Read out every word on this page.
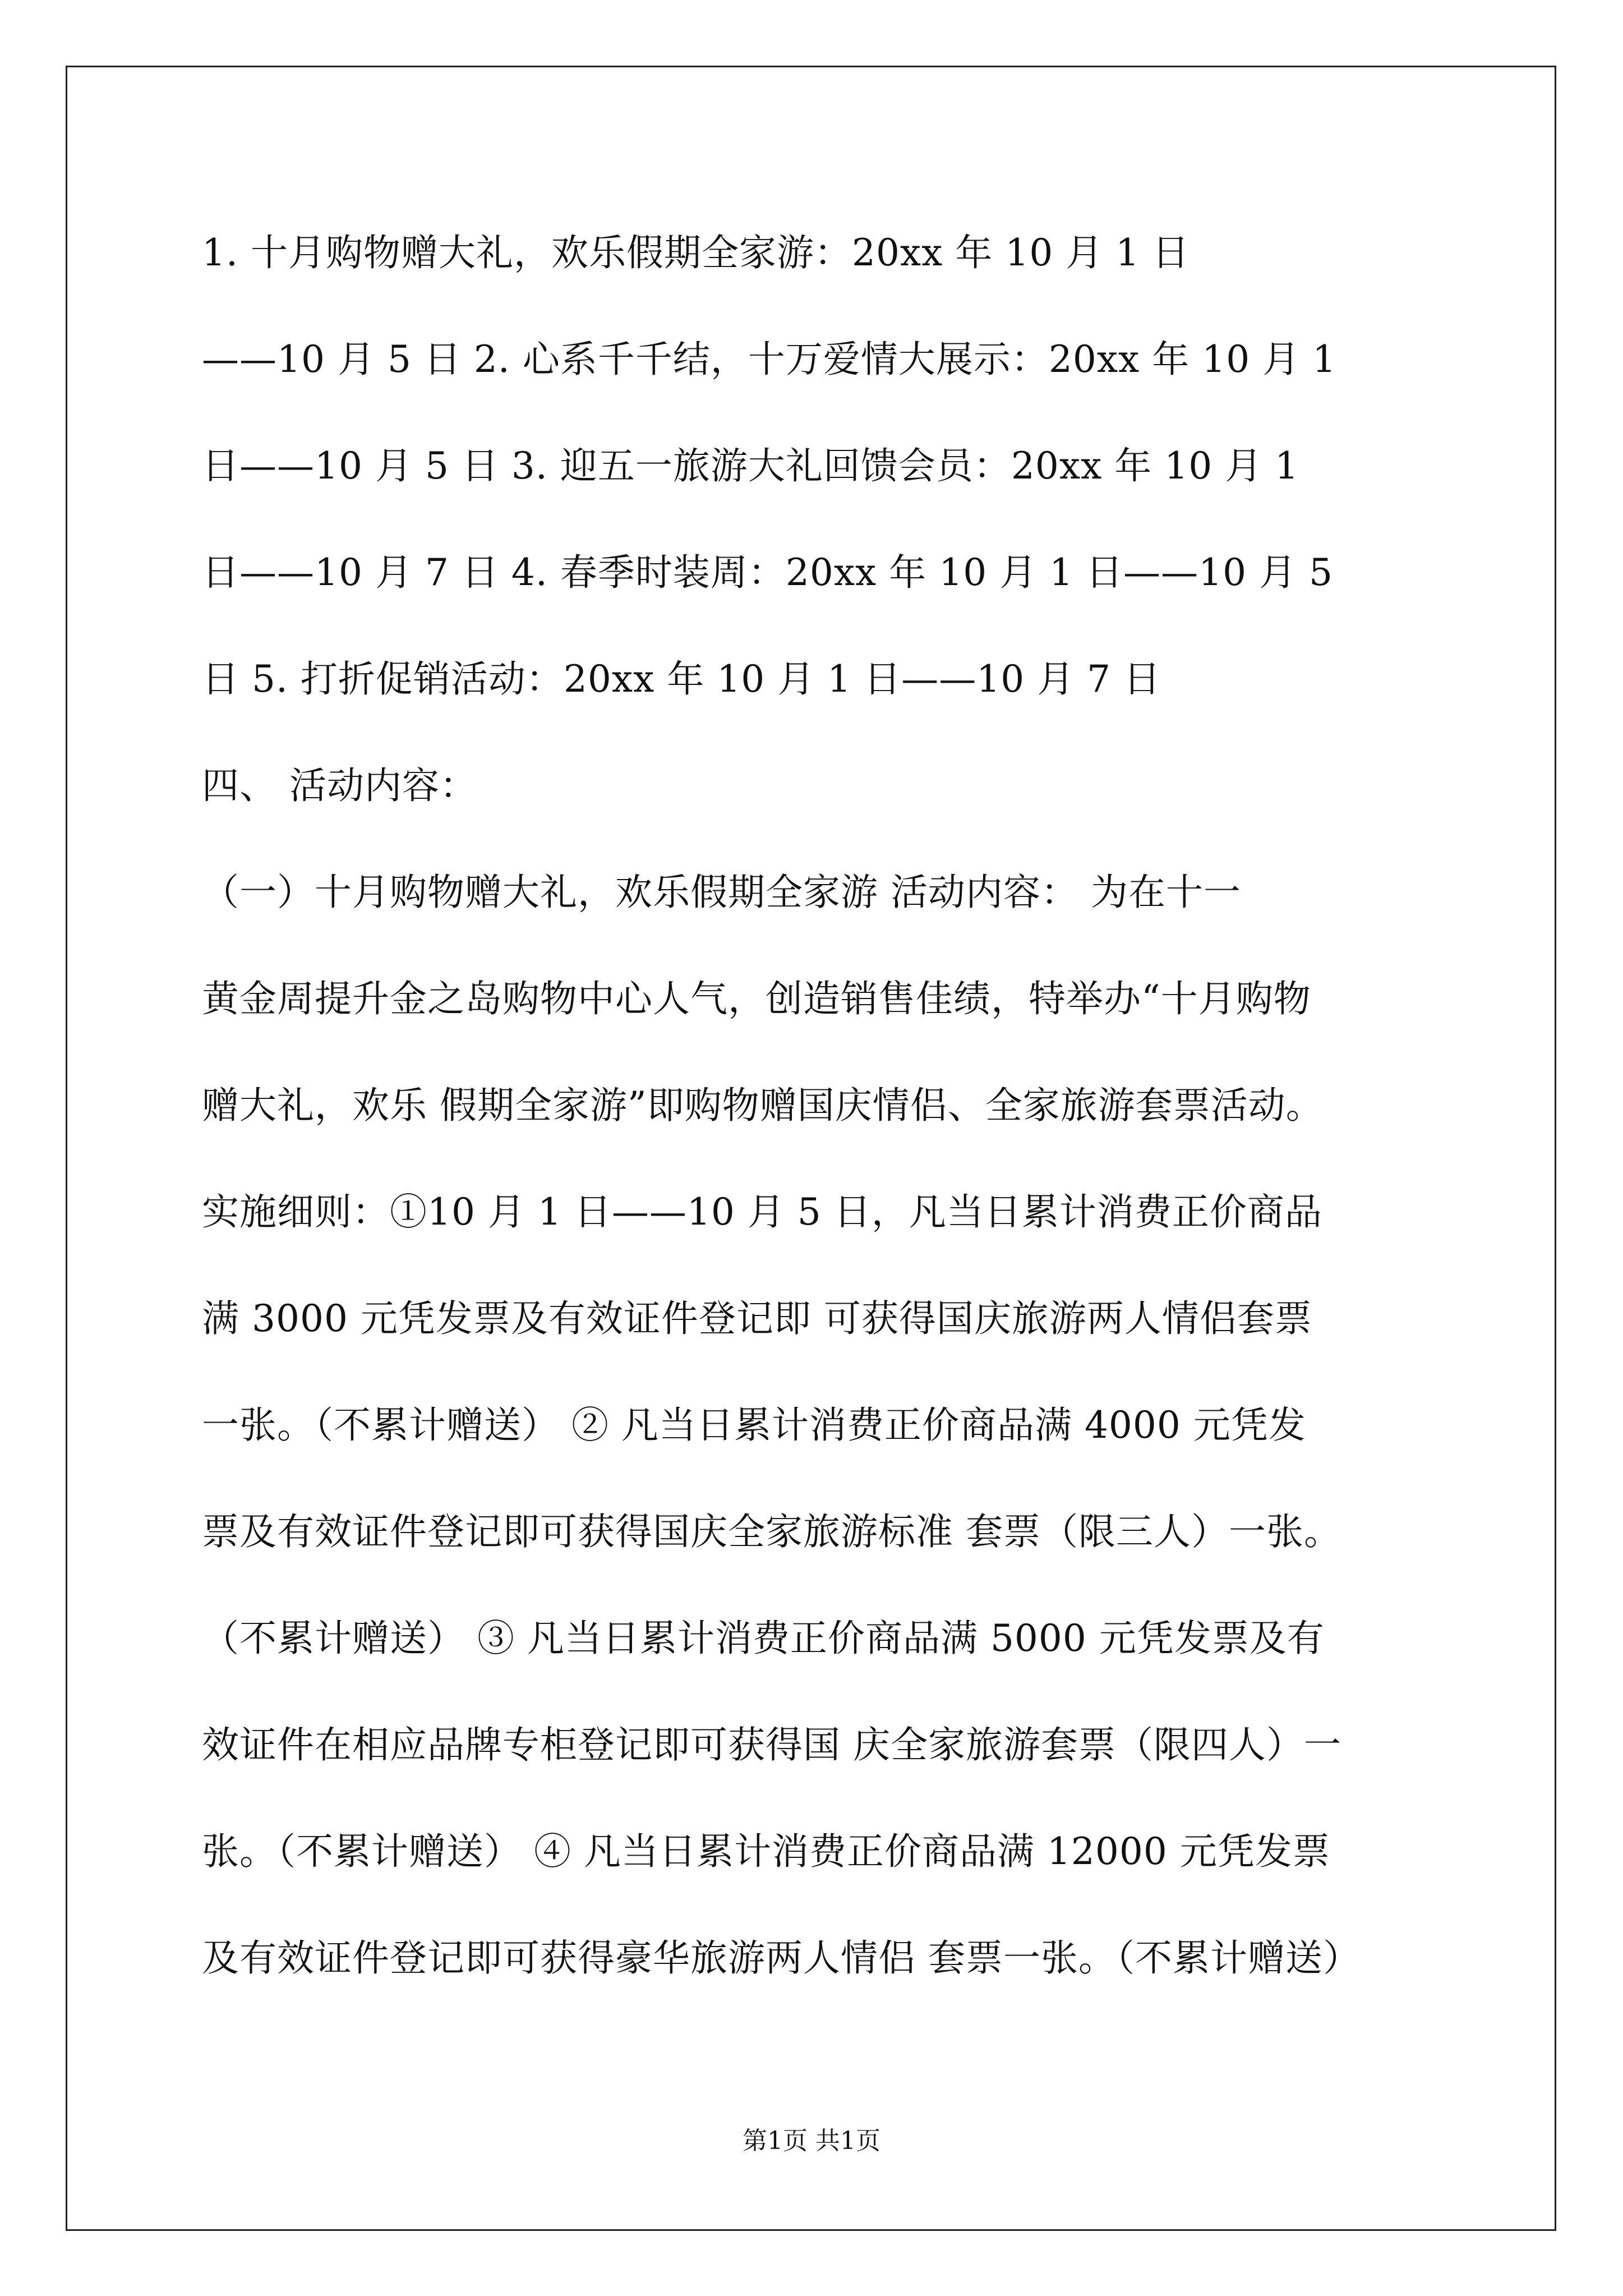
1. 十月购物赠大礼，欢乐假期全家游：20xx 年 10 月 1 日
——10 月 5 日 2. 心系千千结，十万爱情大展示：20xx 年 10 月 1
日——10 月 5 日 3. 迎五一旅游大礼回馈会员：20xx 年 10 月 1
日——10 月 7 日 4. 春季时装周：20xx 年 10 月 1 日——10 月 5
日 5. 打折促销活动：20xx 年 10 月 1 日——10 月 7 日
四、 活动内容：
（一）十月购物赠大礼，欢乐假期全家游 活动内容： 为在十一
黄金周提升金之岛购物中心人气，创造销售佳绩，特举办“十月购物
赠大礼，欢乐 假期全家游”即购物赠国庆情侣、全家旅游套票活动。
实施细则：①10 月 1 日——10 月 5 日，凡当日累计消费正价商品
满 3000 元凭发票及有效证件登记即 可获得国庆旅游两人情侣套票
一张。（不累计赠送） ② 凡当日累计消费正价商品满 4000 元凭发
票及有效证件登记即可获得国庆全家旅游标准 套票（限三人）一张。
（不累计赠送） ③ 凡当日累计消费正价商品满 5000 元凭发票及有
效证件在相应品牌专柜登记即可获得国 庆全家旅游套票（限四人）一
张。（不累计赠送） ④ 凡当日累计消费正价商品满 12000 元凭发票
及有效证件登记即可获得豪华旅游两人情侣 套票一张。（不累计赠送）
第1页 共1页
